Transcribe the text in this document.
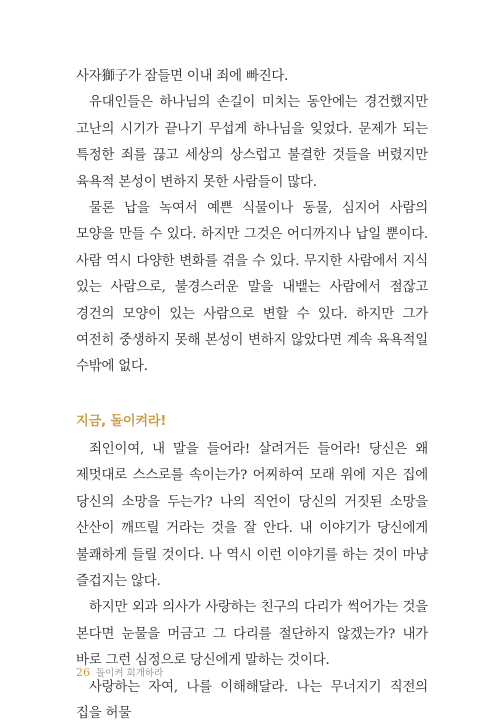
사자獅子가 잠들면 이내 죄에 빠진다.

유대인들은 하나님의 손길이 미치는 동안에는 경건했지만 고난의 시기가 끝나기 무섭게 하나님을 잊었다. 문제가 되는 특정한 죄를 끊고 세상의 상스럽고 불결한 것들을 버렸지만 육욕적 본성이 변하지 못한 사람들이 많다.

물론 납을 녹여서 예쁜 식물이나 동물, 심지어 사람의 모양을 만들 수 있다. 하지만 그것은 어디까지나 납일 뿐이다. 사람 역시 다양한 변화를 겪을 수 있다. 무지한 사람에서 지식 있는 사람으로, 불경스러운 말을 내뱉는 사람에서 점잖고 경건의 모양이 있는 사람으로 변할 수 있다. 하지만 그가 여전히 중생하지 못해 본성이 변하지 않았다면 계속 육욕적일 수밖에 없다.

지금, 돌이켜라!

죄인이여, 내 말을 들어라! 살려거든 들어라! 당신은 왜 제멋대로 스스로를 속이는가? 어찌하여 모래 위에 지은 집에 당신의 소망을 두는가? 나의 직언이 당신의 거짓된 소망을 산산이 깨뜨릴 거라는 것을 잘 안다. 내 이야기가 당신에게 불쾌하게 들릴 것이다. 나 역시 이런 이야기를 하는 것이 마냥 즐겁지는 않다.

하지만 외과 의사가 사랑하는 친구의 다리가 썩어가는 것을 본다면 눈물을 머금고 그 다리를 절단하지 않겠는가? 내가 바로 그런 심정으로 당신에게 말하는 것이다.

사랑하는 자여, 나를 이해해달라. 나는 무너지기 직전의 집을 허물

26 돌이켜 회개하라
